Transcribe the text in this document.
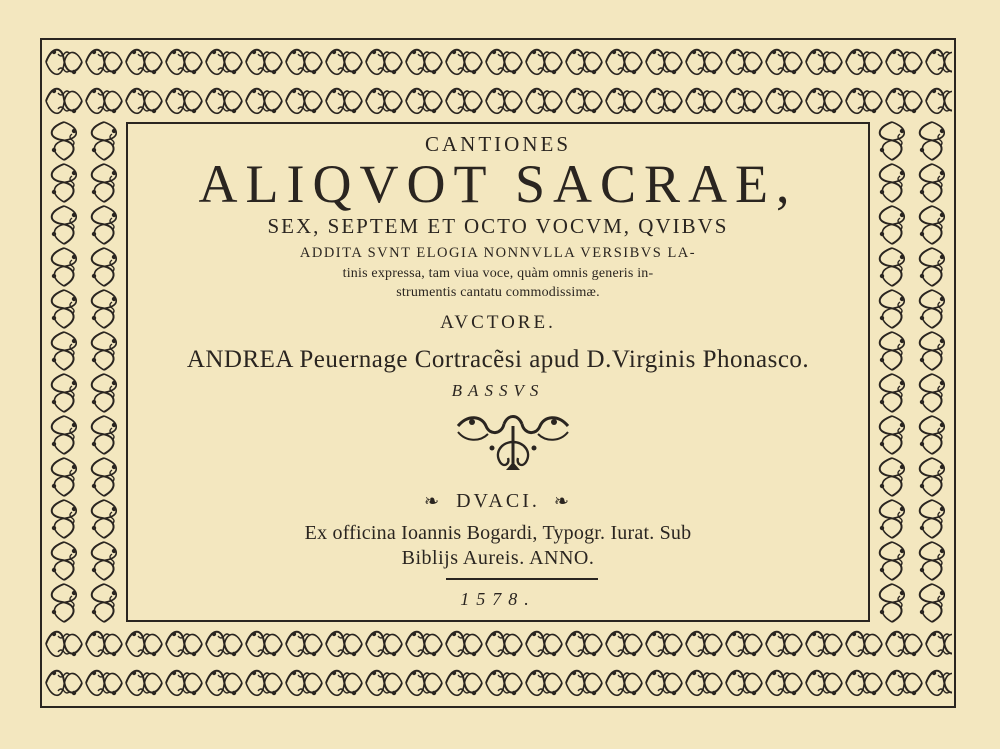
CANTIONES
ALIQVOT SACRAE,
SEX, SEPTEM ET OCTO VOCVM, QVIBVS
ADDITA SVNT ELOGIA NONNVLLA VERSIBVS LA-
tinis expressa, tam viua voce, quàm omnis generis in-
strumentis cantatu commodissimæ.
AVCTORE.
ANDREA Peuernage Cortracẽsi apud D.Virginis Phonasco.
BASSVS
❧ DVACI. ❧
Ex officina Ioannis Bogardi, Typogr. Iurat. Sub
Biblijs Aureis. ANNO.
1578.
